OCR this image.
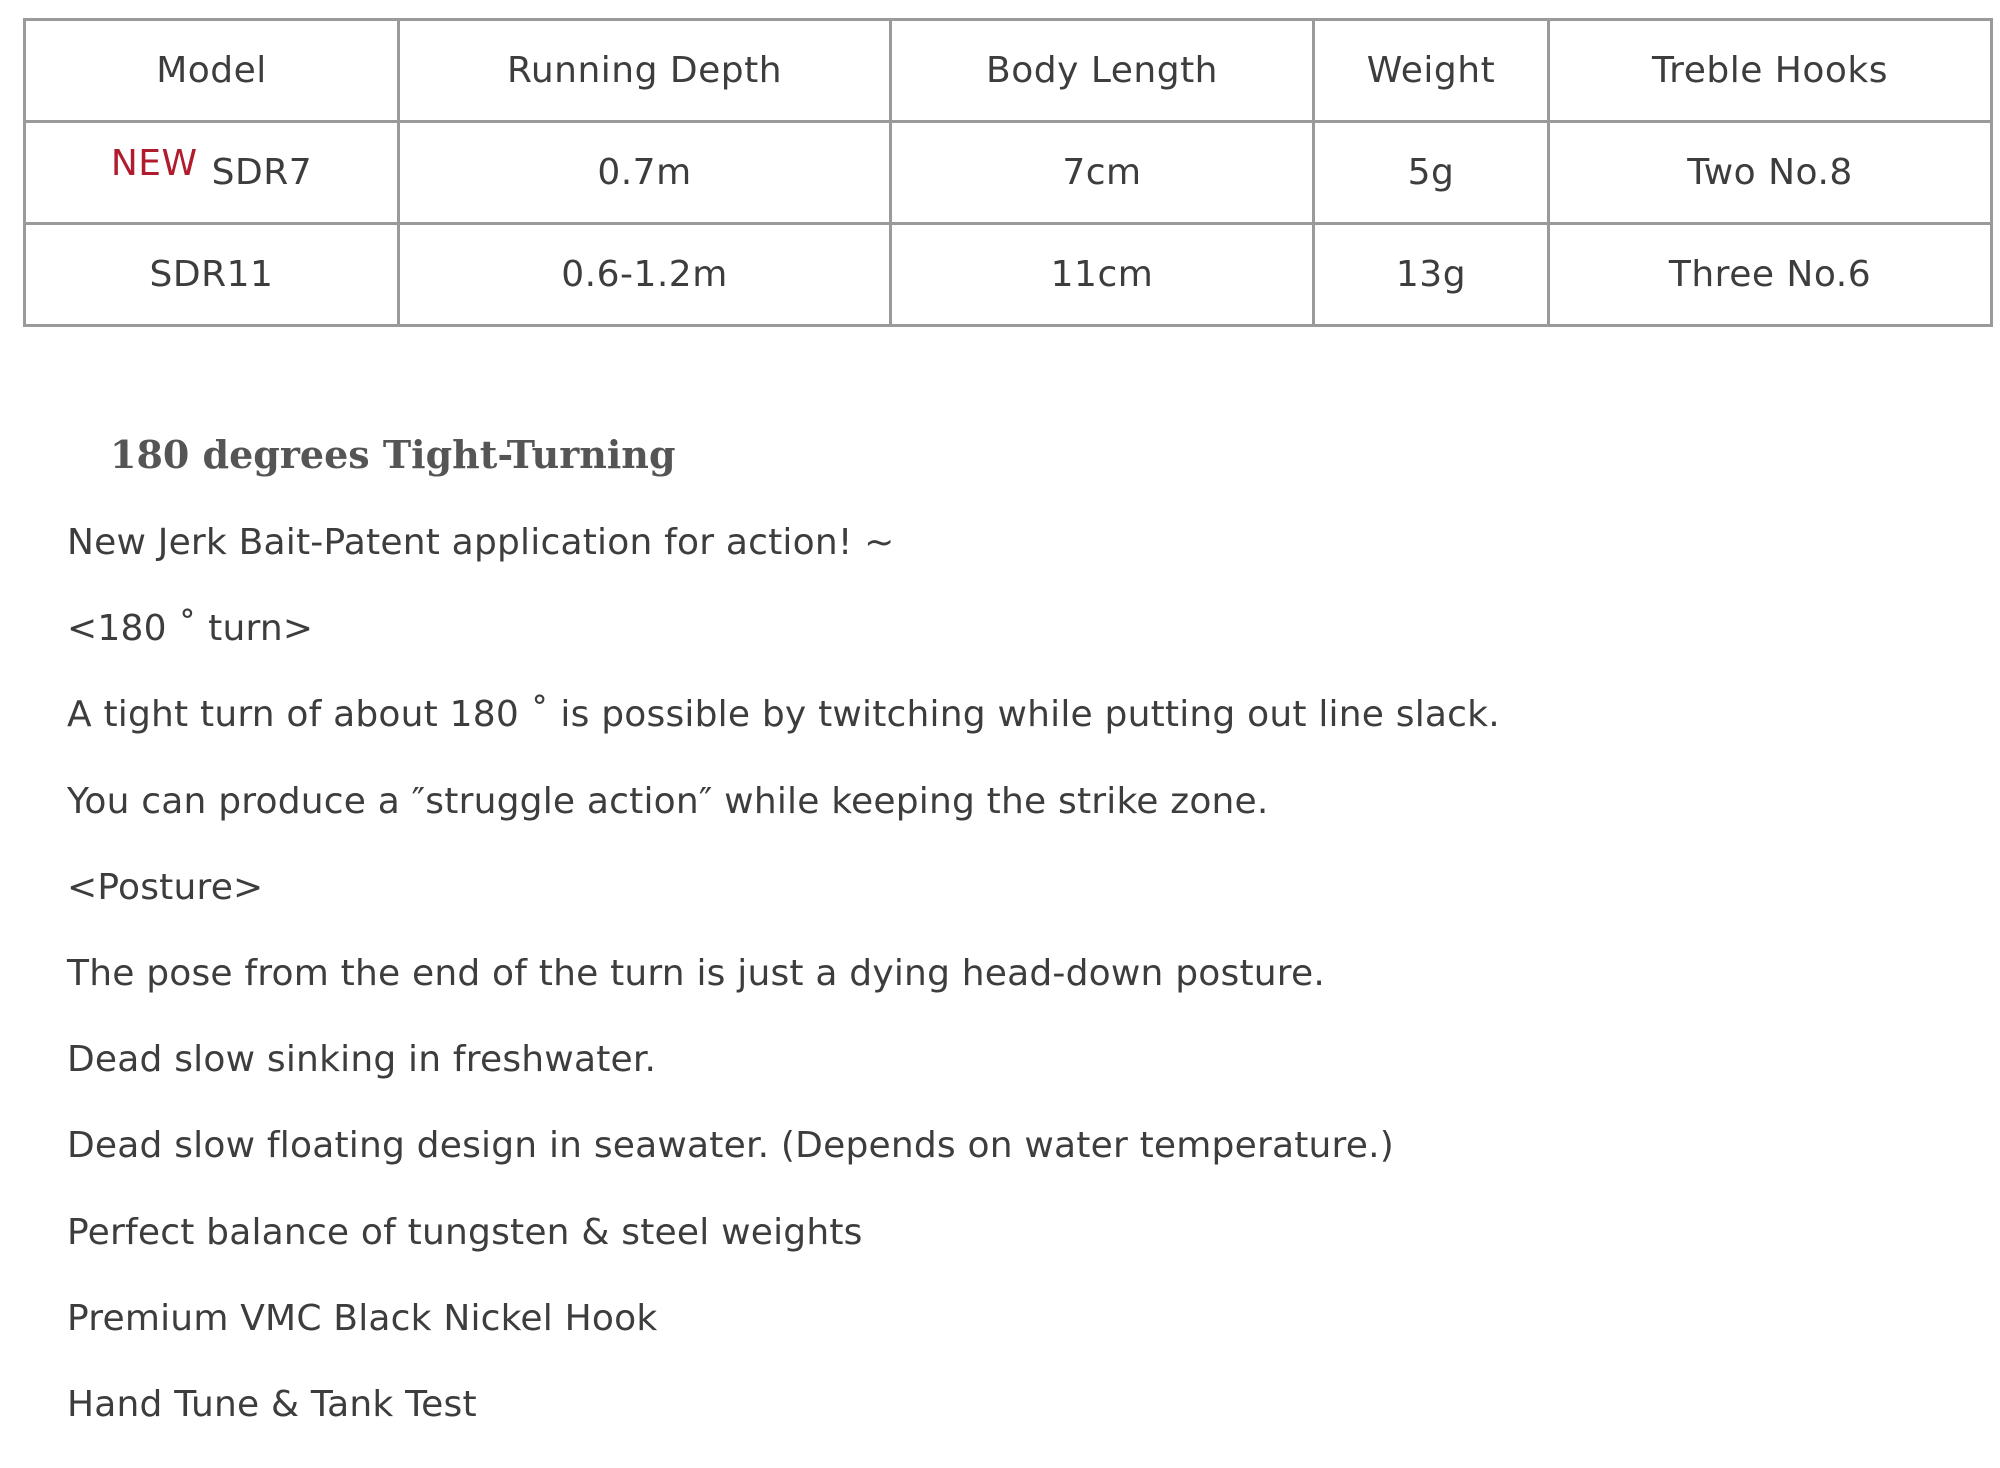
Model	Running Depth	Body Length	Weight	Treble Hooks
NEW SDR7	0.7m	7cm	5g	Two No.8
SDR11	0.6-1.2m	11cm	13g	Three No.6
180 degrees Tight-Turning
New Jerk Bait-Patent application for action! ~
<180 ˚ turn>
A tight turn of about 180 ˚ is possible by twitching while putting out line slack.
You can produce a ″struggle action″ while keeping the strike zone.
<Posture>
The pose from the end of the turn is just a dying head-down posture.
Dead slow sinking in freshwater.
Dead slow floating design in seawater. (Depends on water temperature.)
Perfect balance of tungsten & steel weights
Premium VMC Black Nickel Hook
Hand Tune & Tank Test
